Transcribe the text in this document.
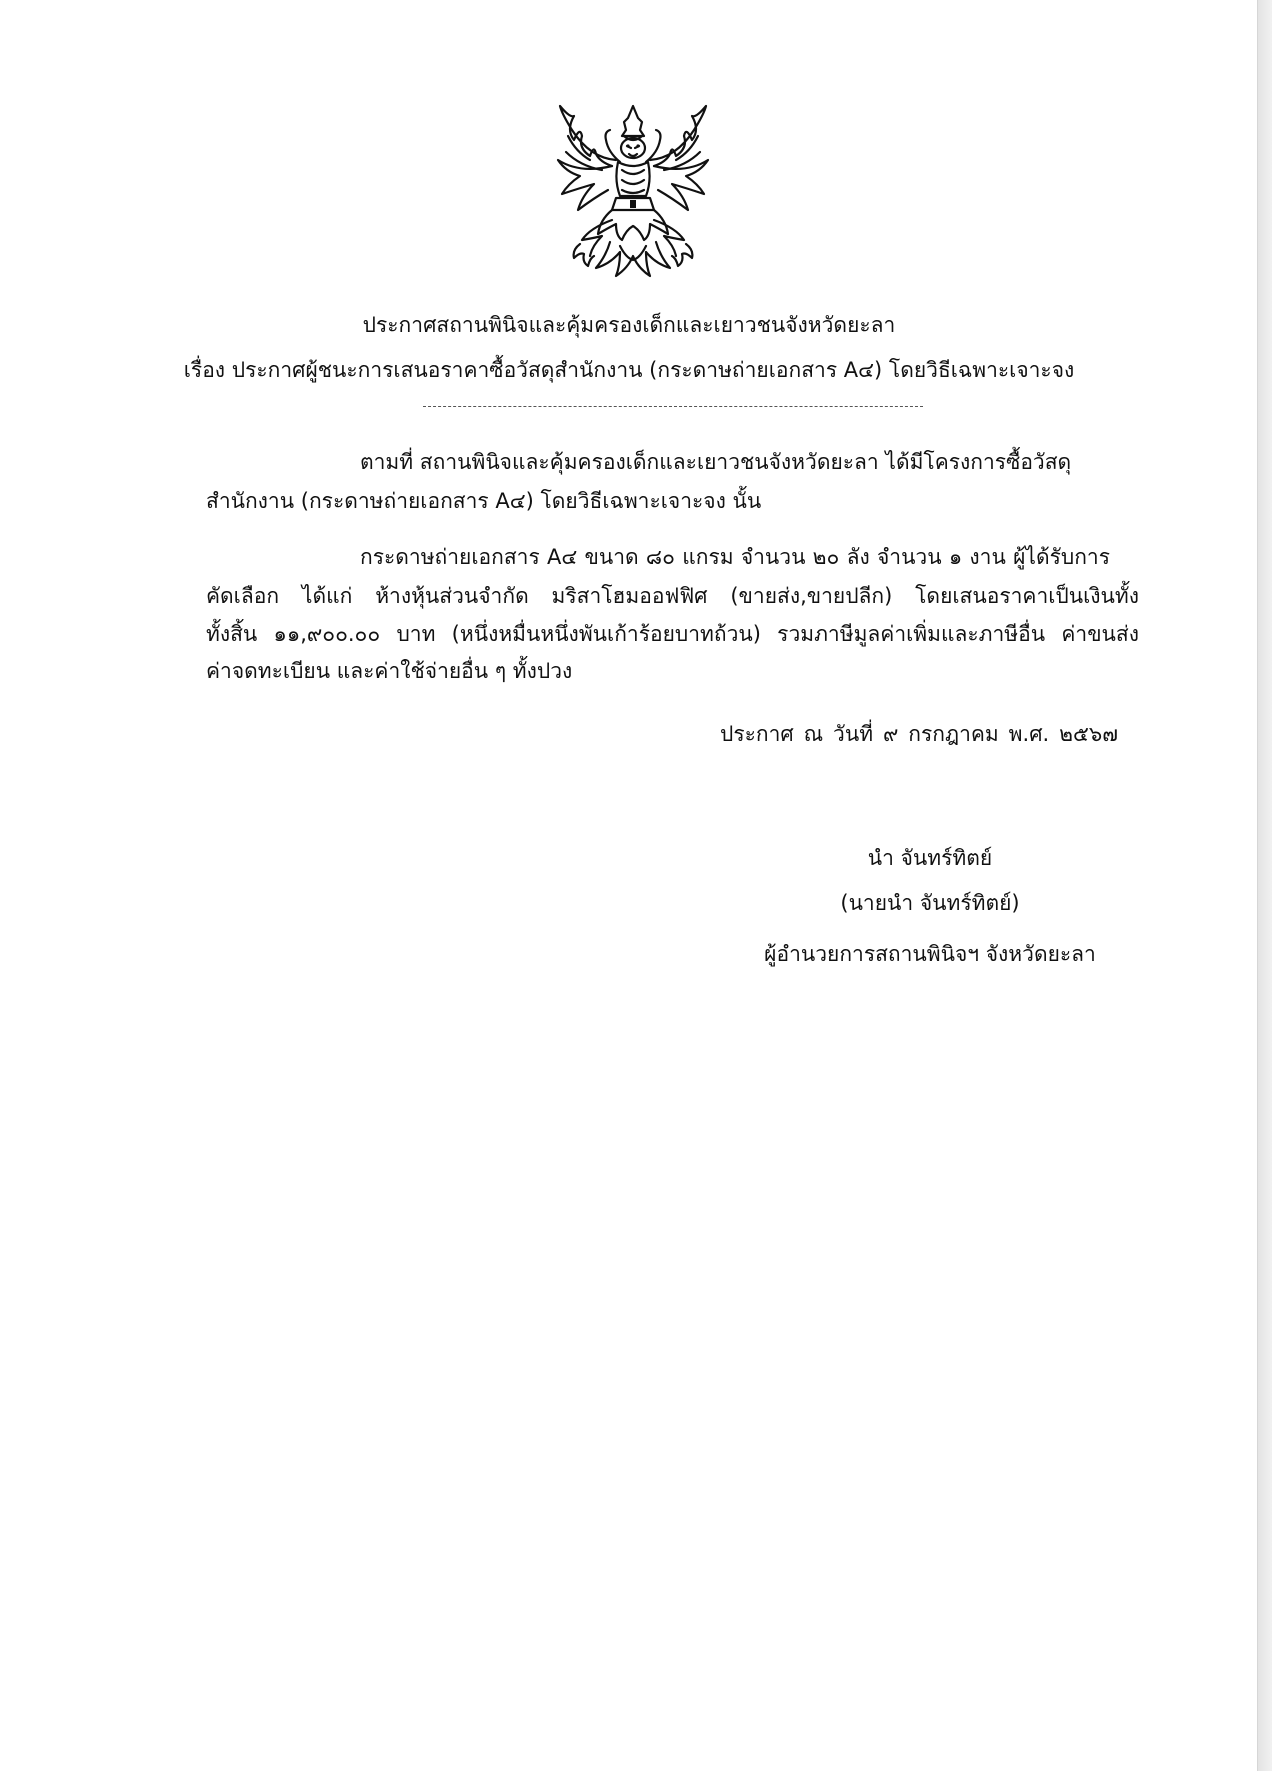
ประกาศสถานพินิจและคุ้มครองเด็กและเยาวชนจังหวัดยะลา
เรื่อง ประกาศผู้ชนะการเสนอราคาซื้อวัสดุสำนักงาน (กระดาษถ่ายเอกสาร A๔) โดยวิธีเฉพาะเจาะจง
ตามที่ สถานพินิจและคุ้มครองเด็กและเยาวชนจังหวัดยะลา ได้มีโครงการซื้อวัสดุ
สำนักงาน (กระดาษถ่ายเอกสาร A๔) โดยวิธีเฉพาะเจาะจง นั้น
กระดาษถ่ายเอกสาร A๔ ขนาด ๘๐ แกรม จำนวน ๒๐ ลัง จำนวน ๑ งาน ผู้ได้รับการ
คัดเลือก ได้แก่ ห้างหุ้นส่วนจำกัด มริสาโฮมออฟฟิศ (ขายส่ง,ขายปลีก) โดยเสนอราคาเป็นเงินทั้ง
ทั้งสิ้น ๑๑,๙๐๐.๐๐ บาท (หนึ่งหมื่นหนึ่งพันเก้าร้อยบาทถ้วน) รวมภาษีมูลค่าเพิ่มและภาษีอื่น ค่าขนส่ง
ค่าจดทะเบียน และค่าใช้จ่ายอื่น ๆ ทั้งปวง
ประกาศ ณ วันที่ ๙ กรกฎาคม พ.ศ. ๒๕๖๗
นำ จันทร์ทิตย์
(นายนำ จันทร์ทิตย์)
ผู้อำนวยการสถานพินิจฯ จังหวัดยะลา
